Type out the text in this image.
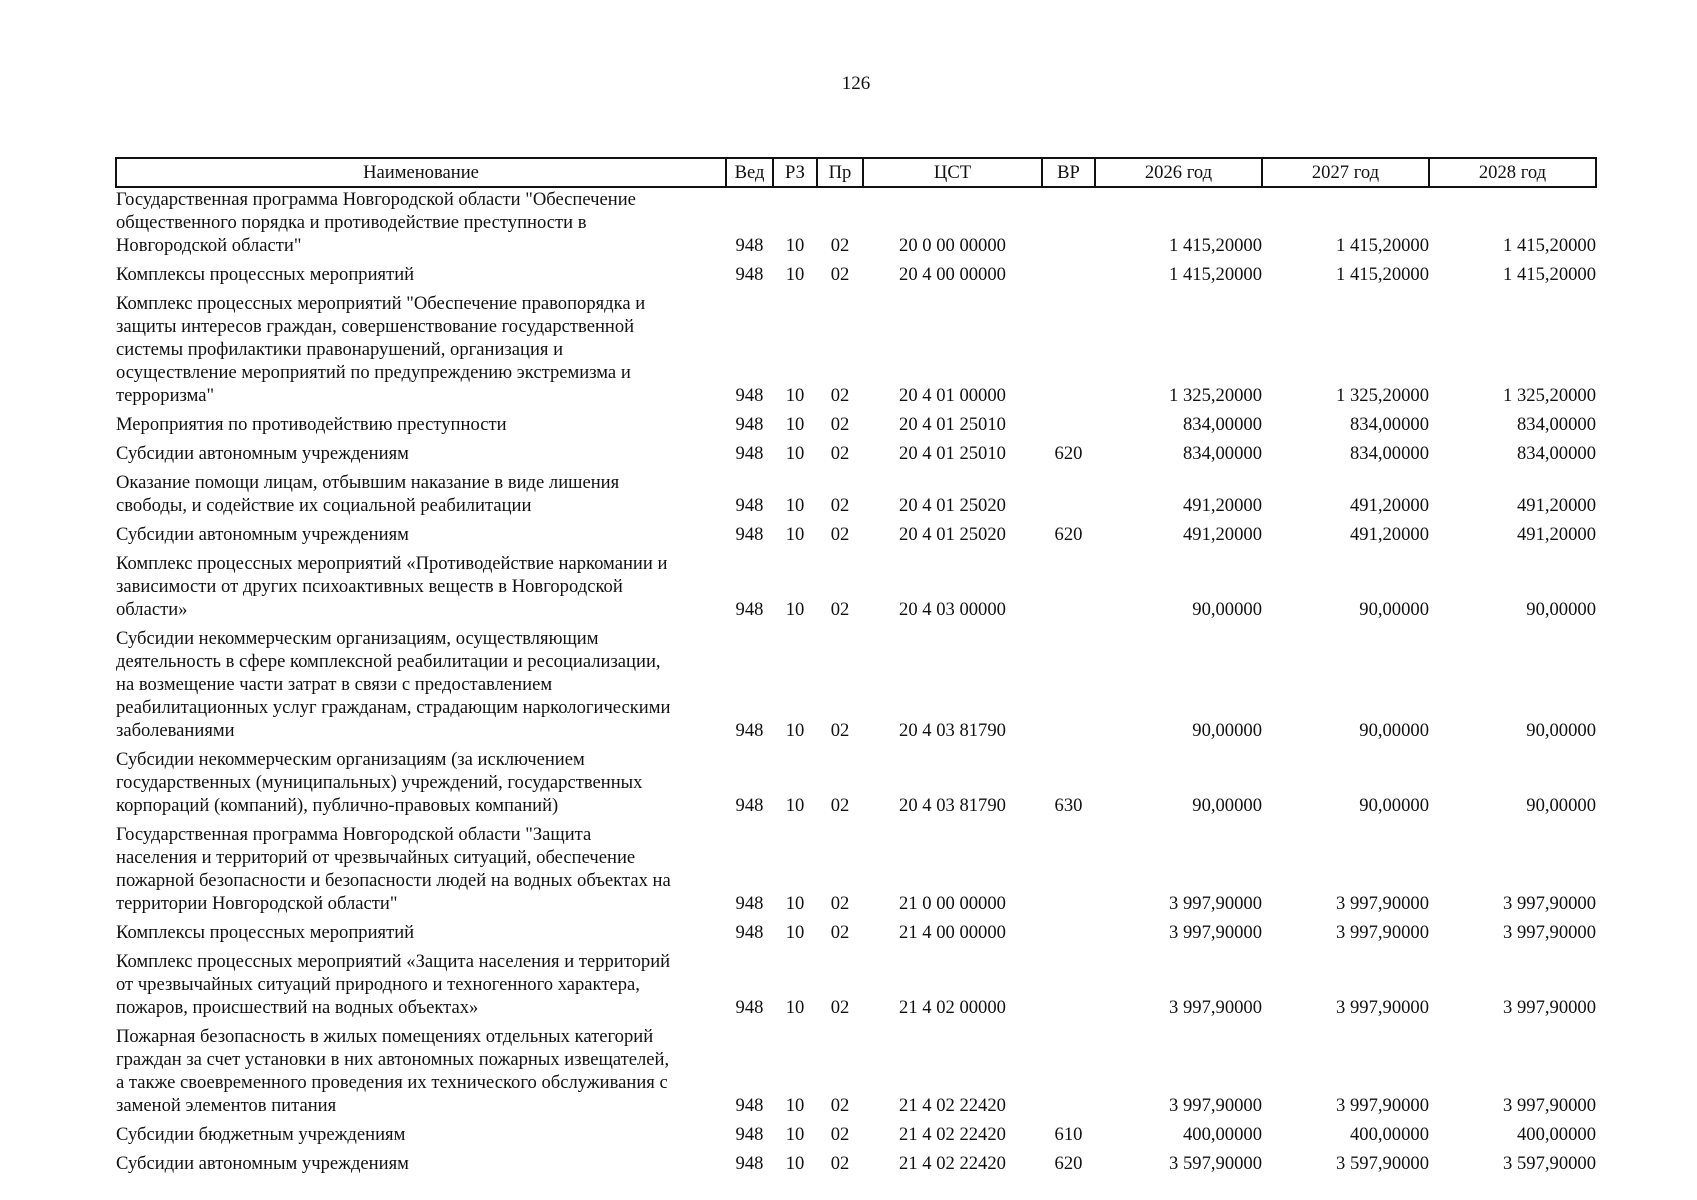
126
Наименование	Вед	РЗ	Пр	ЦСТ	ВР	2026 год	2027 год	2028 год

Государственная программа Новгородской области "Обеспечение
общественного порядка и противодействие преступности в
Новгородской области"	948	10	02	20 0 00 00000		1 415,20000	1 415,20000	1 415,20000

Комплексы процессных мероприятий	948	10	02	20 4 00 00000		1 415,20000	1 415,20000	1 415,20000

Комплекс процессных мероприятий "Обеспечение правопорядка и
защиты интересов граждан, совершенствование государственной
системы профилактики правонарушений, организация и
осуществление мероприятий по предупреждению экстремизма и
терроризма"	948	10	02	20 4 01 00000		1 325,20000	1 325,20000	1 325,20000

Мероприятия по противодействию преступности	948	10	02	20 4 01 25010		834,00000	834,00000	834,00000

Субсидии автономным учреждениям	948	10	02	20 4 01 25010	620	834,00000	834,00000	834,00000

Оказание помощи лицам, отбывшим наказание в виде лишения
свободы, и содействие их социальной реабилитации	948	10	02	20 4 01 25020		491,20000	491,20000	491,20000

Субсидии автономным учреждениям	948	10	02	20 4 01 25020	620	491,20000	491,20000	491,20000

Комплекс процессных мероприятий «Противодействие наркомании и
зависимости от других психоактивных веществ в Новгородской
области»	948	10	02	20 4 03 00000		90,00000	90,00000	90,00000

Субсидии некоммерческим организациям, осуществляющим
деятельность в сфере комплексной реабилитации и ресоциализации,
на возмещение части затрат в связи с предоставлением
реабилитационных услуг гражданам, страдающим наркологическими
заболеваниями	948	10	02	20 4 03 81790		90,00000	90,00000	90,00000

Субсидии некоммерческим организациям (за исключением
государственных (муниципальных) учреждений, государственных
корпораций (компаний), публично-правовых компаний)	948	10	02	20 4 03 81790	630	90,00000	90,00000	90,00000

Государственная программа Новгородской области "Защита
населения и территорий от чрезвычайных ситуаций, обеспечение
пожарной безопасности и безопасности людей на водных объектах на
территории Новгородской области"	948	10	02	21 0 00 00000		3 997,90000	3 997,90000	3 997,90000

Комплексы процессных мероприятий	948	10	02	21 4 00 00000		3 997,90000	3 997,90000	3 997,90000

Комплекс процессных мероприятий «Защита населения и территорий
от чрезвычайных ситуаций природного и техногенного характера,
пожаров, происшествий на водных объектах»	948	10	02	21 4 02 00000		3 997,90000	3 997,90000	3 997,90000

Пожарная безопасность в жилых помещениях отдельных категорий
граждан за счет установки в них автономных пожарных извещателей,
а также своевременного проведения их технического обслуживания с
заменой элементов питания	948	10	02	21 4 02 22420		3 997,90000	3 997,90000	3 997,90000

Субсидии бюджетным учреждениям	948	10	02	21 4 02 22420	610	400,00000	400,00000	400,00000

Субсидии автономным учреждениям	948	10	02	21 4 02 22420	620	3 597,90000	3 597,90000	3 597,90000
